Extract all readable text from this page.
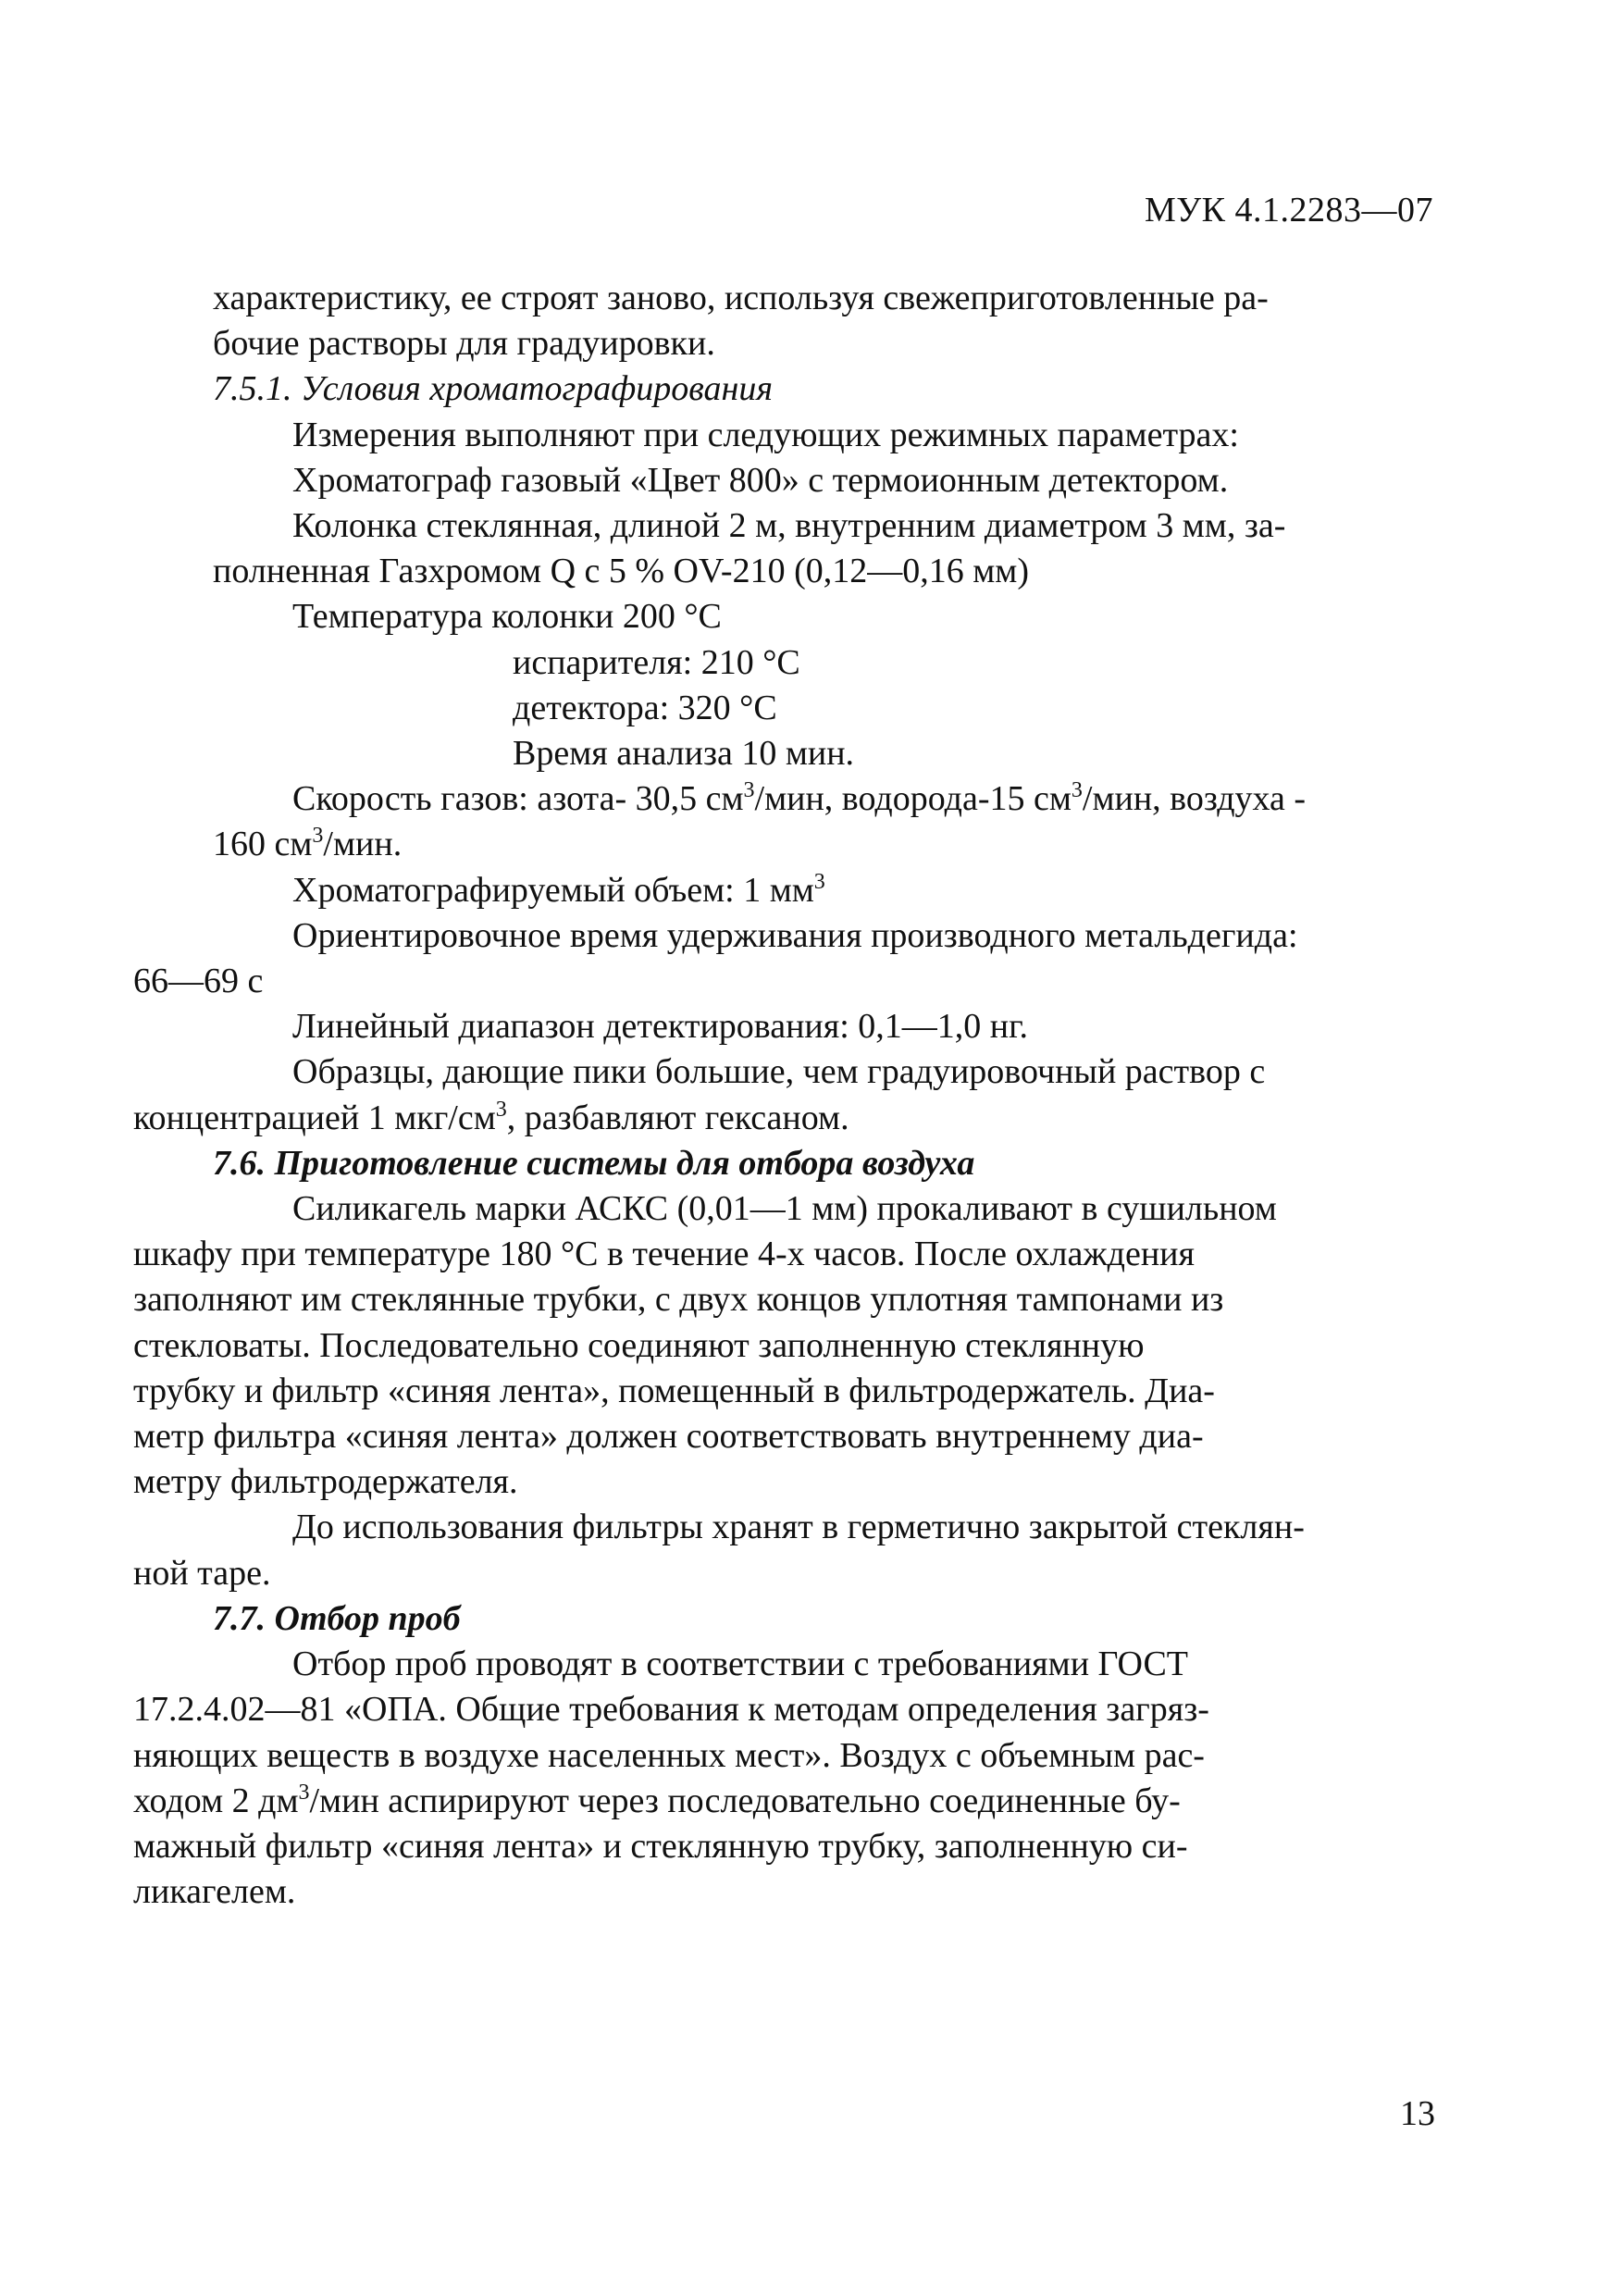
МУК 4.1.2283—07

характеристику, ее строят заново, используя свежеприготовленные ра-
бочие растворы для градуировки.

7.5.1. Условия хроматографирования

Измерения выполняют при следующих режимных параметрах:

Хроматограф газовый «Цвет 800» с термоионным детектором.

Колонка стеклянная, длиной 2 м, внутренним диаметром 3 мм, за-
полненная Газхромом Q с 5 % OV-210 (0,12—0,16 мм)

Температура колонки 200 °С

испарителя: 210 °С

детектора: 320 °С

Время анализа 10 мин.

Скорость газов: азота- 30,5 $см^3$/мин, водорода-15 $см^3$/мин, воздуха -
160 $см^3$/мин.

Хроматографируемый объем: 1 $мм^3$

Ориентировочное время удерживания производного метальдегида:
66—69 с

Линейный диапазон детектирования: 0,1—1,0 нг.

Образцы, дающие пики большие, чем градуировочный раствор с
концентрацией 1 мкг/$см^3$, разбавляют гексаном.

7.6. Приготовление системы для отбора воздуха

Силикагель марки АСКС (0,01—1 мм) прокаливают в сушильном
шкафу при температуре 180 °С в течение 4-х часов. После охлаждения
заполняют им стеклянные трубки, с двух концов уплотняя тампонами из
стекловаты. Последовательно соединяют заполненную стеклянную
трубку и фильтр «синяя лента», помещенный в фильтродержатель. Диа-
метр фильтра «синяя лента» должен соответствовать внутреннему диа-
метру фильтродержателя.

До использования фильтры хранят в герметично закрытой стеклян-
ной таре.

7.7. Отбор проб

Отбор проб проводят в соответствии с требованиями ГОСТ
17.2.4.02—81 «ОПА. Общие требования к методам определения загряз-
няющих веществ в воздухе населенных мест». Воздух с объемным рас-
ходом 2 $дм^3$/мин аспирируют через последовательно соединенные бу-
мажный фильтр «синяя лента» и стеклянную трубку, заполненную си-
ликагелем.

13
